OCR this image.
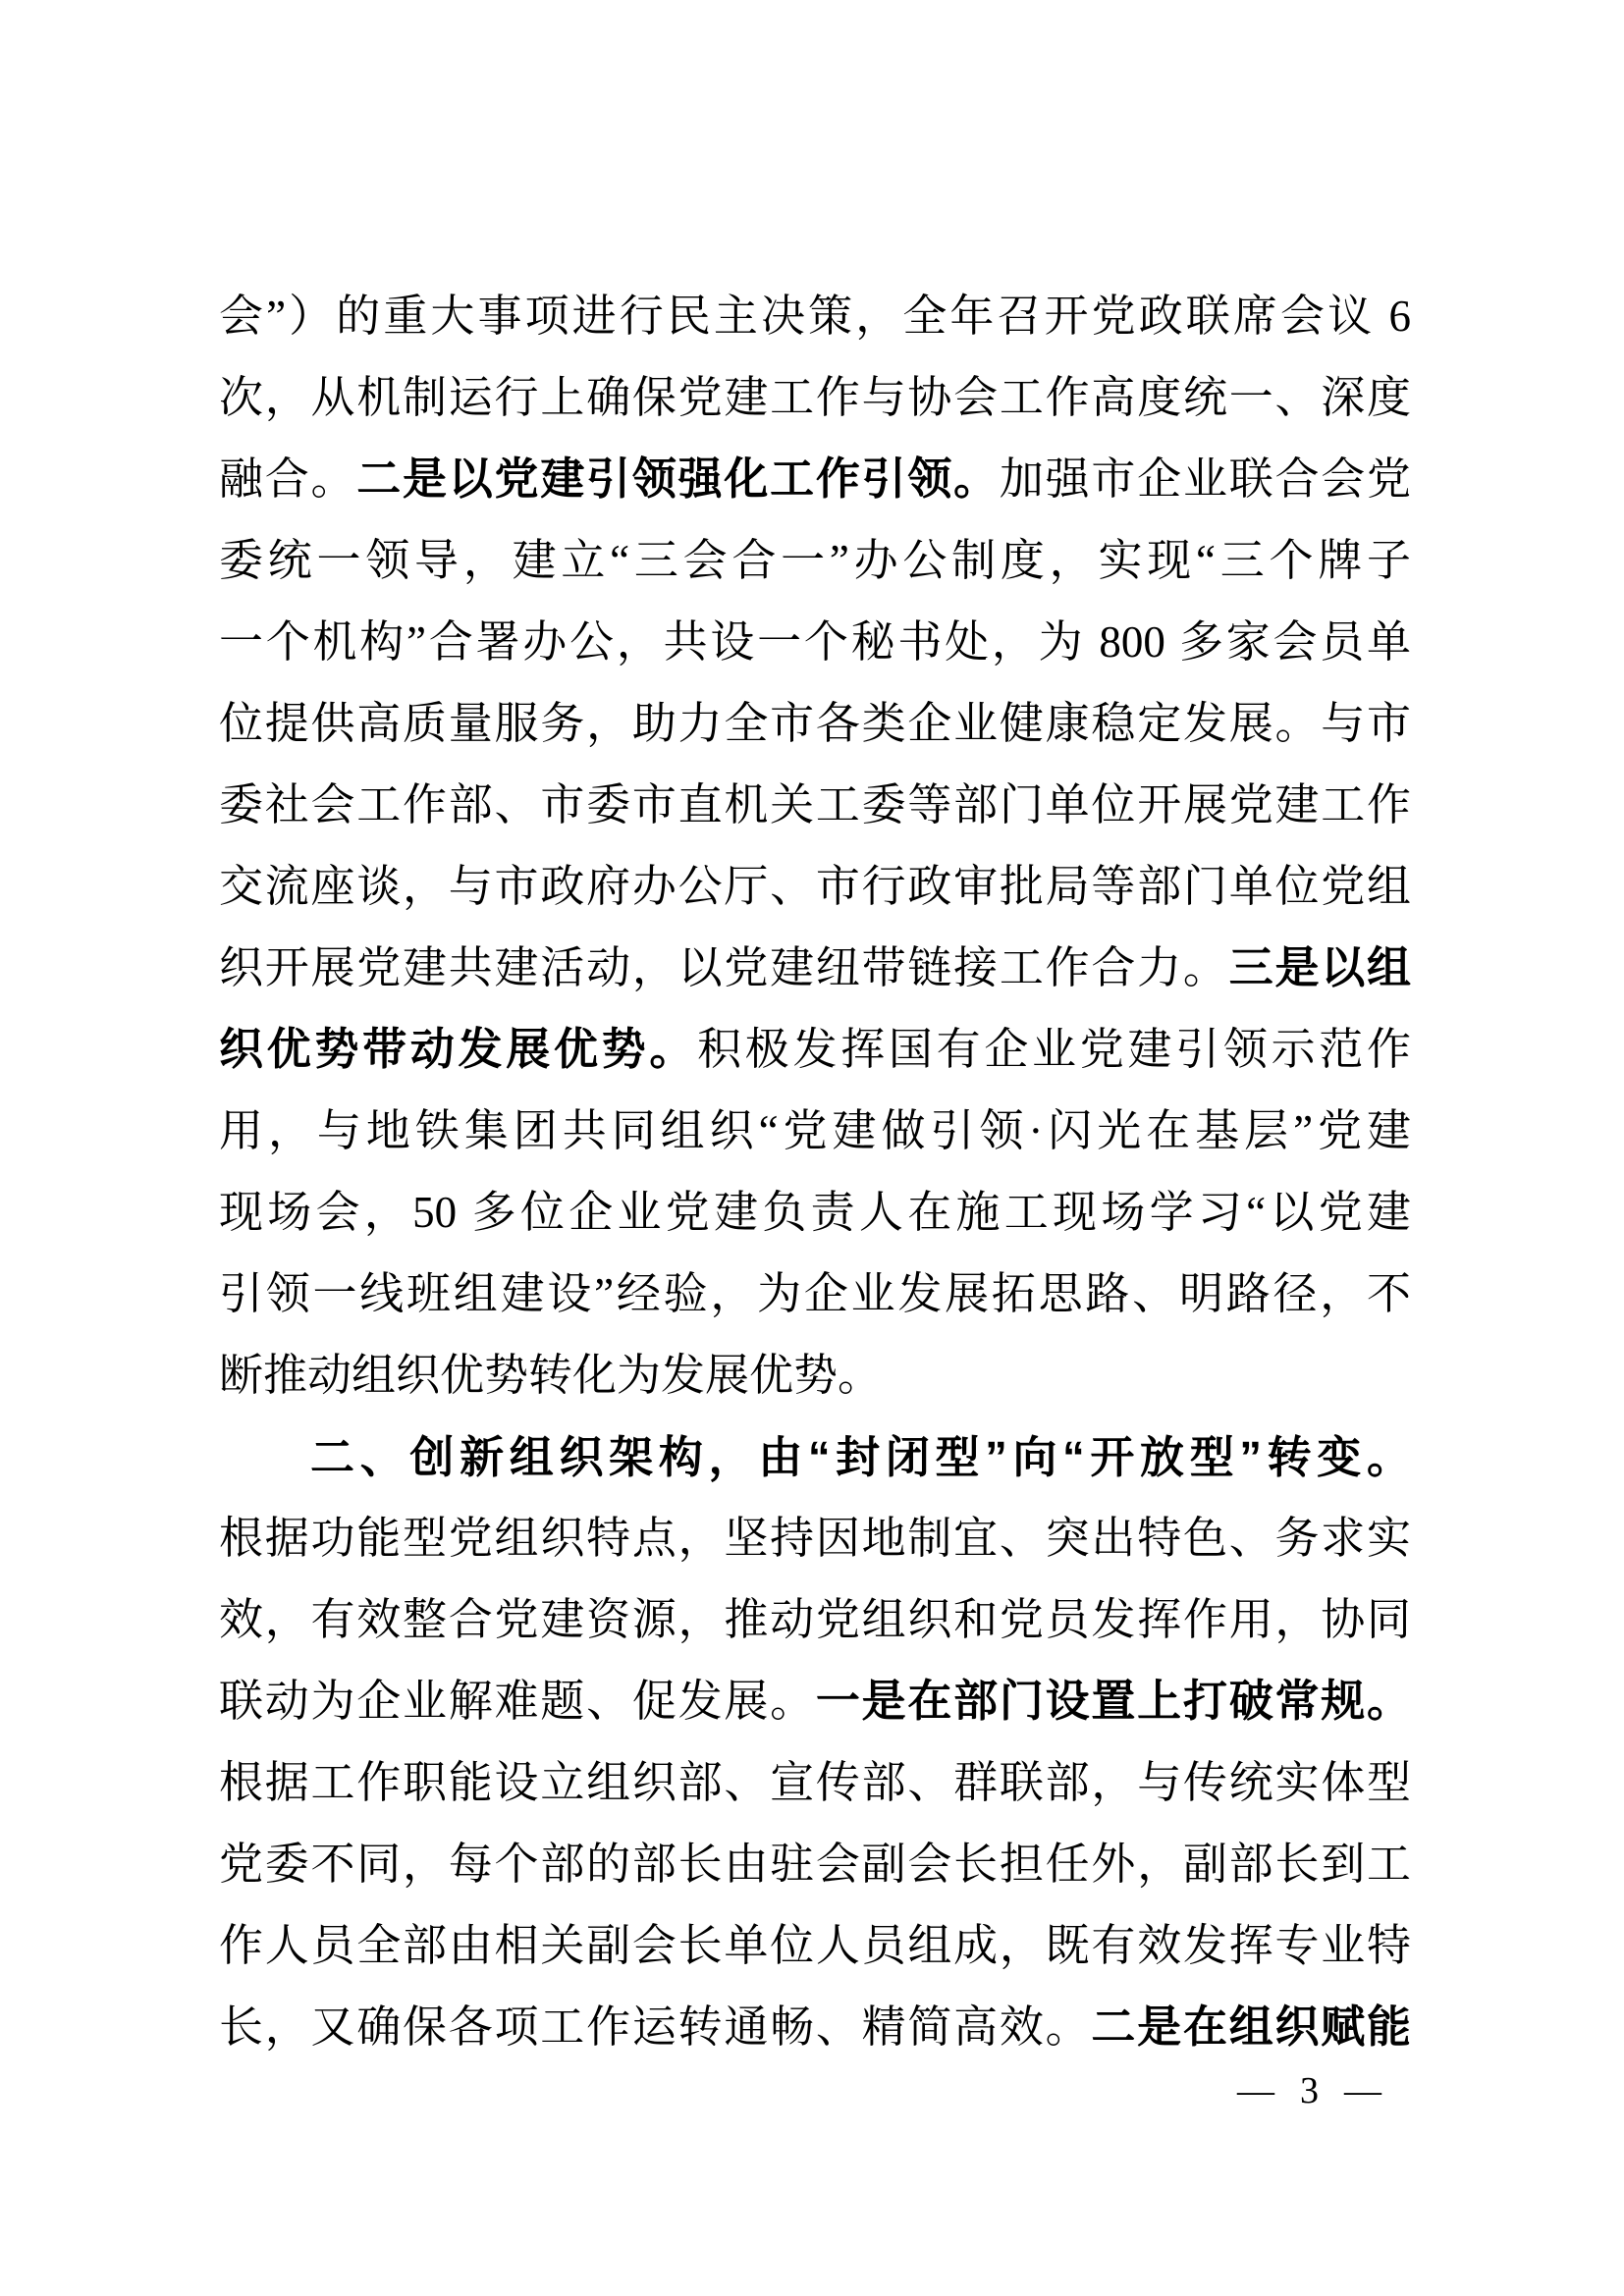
会”）的重大事项进行民主决策，全年召开党政联席会议 6
次，从机制运行上确保党建工作与协会工作高度统一、深度
融合。二是以党建引领强化工作引领。加强市企业联合会党
委统一领导，建立“三会合一”办公制度，实现“三个牌子
一个机构”合署办公，共设一个秘书处，为 800 多家会员单
位提供高质量服务，助力全市各类企业健康稳定发展。与市
委社会工作部、市委市直机关工委等部门单位开展党建工作
交流座谈，与市政府办公厅、市行政审批局等部门单位党组
织开展党建共建活动，以党建纽带链接工作合力。三是以组
织优势带动发展优势。积极发挥国有企业党建引领示范作
用，与地铁集团共同组织“党建做引领·闪光在基层”党建
现场会，50 多位企业党建负责人在施工现场学习“以党建
引领一线班组建设”经验，为企业发展拓思路、明路径，不
断推动组织优势转化为发展优势。
二、创新组织架构，由“封闭型”向“开放型”转变。
根据功能型党组织特点，坚持因地制宜、突出特色、务求实
效，有效整合党建资源，推动党组织和党员发挥作用，协同
联动为企业解难题、促发展。一是在部门设置上打破常规。
根据工作职能设立组织部、宣传部、群联部，与传统实体型
党委不同，每个部的部长由驻会副会长担任外，副部长到工
作人员全部由相关副会长单位人员组成，既有效发挥专业特
长，又确保各项工作运转通畅、精简高效。二是在组织赋能
— 3 —
